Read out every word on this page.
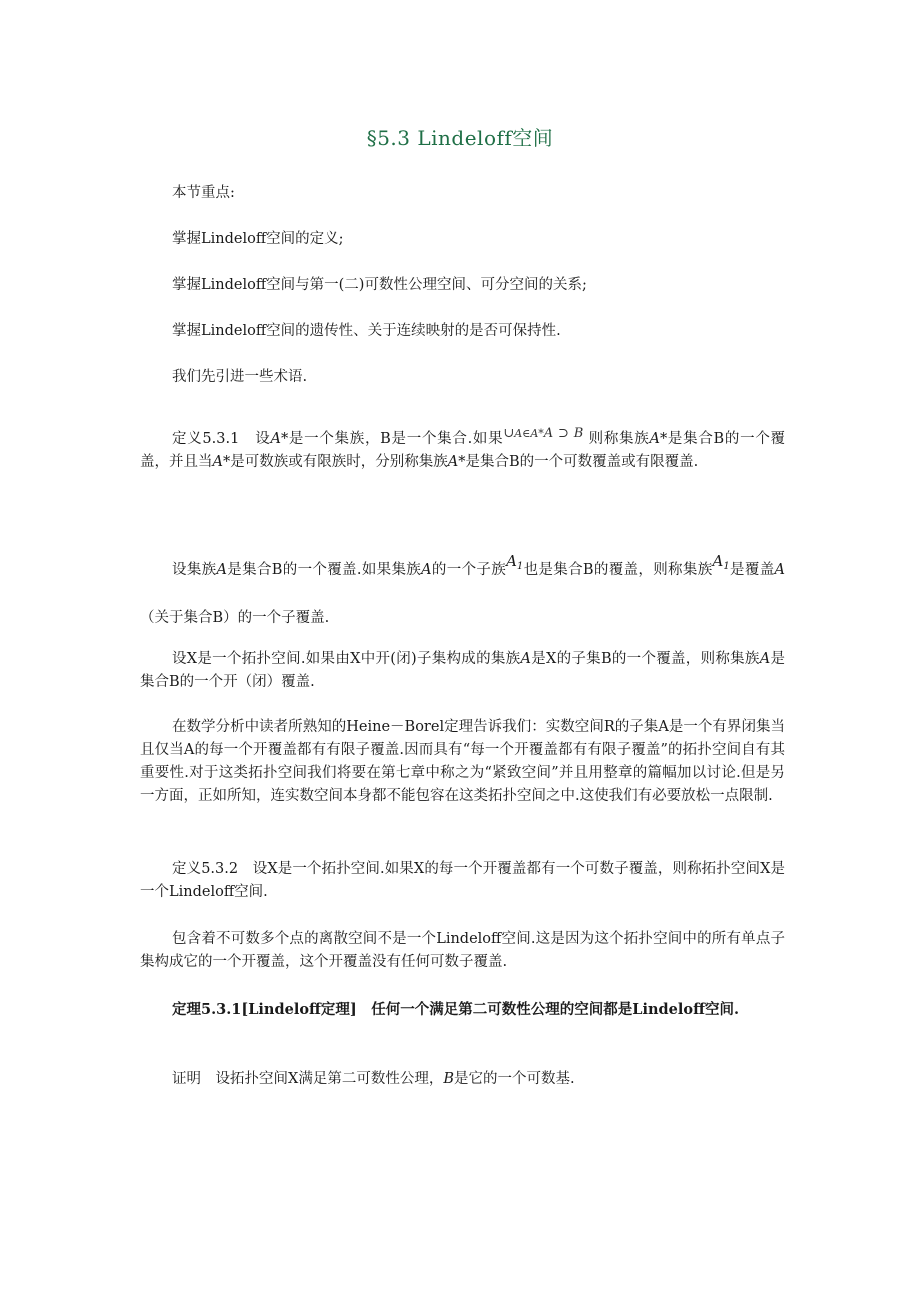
§5.3 Lindeloff空间

本节重点:

掌握Lindeloff空间的定义;

掌握Lindeloff空间与第一(二)可数性公理空间、可分空间的关系;

掌握Lindeloff空间的遗传性、关于连续映射的是否可保持性.

我们先引进一些术语.

定义5.3.1　 设A*是一个集族，B是一个集合.如果∪A∈A*A ⊃ B 则称集族A*是集合B的一个覆盖，并且当A*是可数族或有限族时，分别称集族A*是集合B的一个可数覆盖或有限覆盖.

设集族A是集合B的一个覆盖.如果集族A的一个子族$A_1$也是集合B的覆盖，则称集族$A_1$是覆盖A（关于集合B）的一个子覆盖.

设X是一个拓扑空间.如果由X中开(闭)子集构成的集族A是X的子集B的一个覆盖，则称集族A是集合B的一个开（闭）覆盖.

在数学分析中读者所熟知的Heine－Borel定理告诉我们：实数空间R的子集A是一个有界闭集当且仅当A的每一个开覆盖都有有限子覆盖.因而具有“每一个开覆盖都有有限子覆盖”的拓扑空间自有其重要性.对于这类拓扑空间我们将要在第七章中称之为“紧致空间”并且用整章的篇幅加以讨论.但是另一方面，正如所知，连实数空间本身都不能包容在这类拓扑空间之中.这使我们有必要放松一点限制.

定义5.3.2　设X是一个拓扑空间.如果X的每一个开覆盖都有一个可数子覆盖，则称拓扑空间X是一个Lindeloff空间.

包含着不可数多个点的离散空间不是一个Lindeloff空间.这是因为这个拓扑空间中的所有单点子集构成它的一个开覆盖，这个开覆盖没有任何可数子覆盖.

定理5.3.1[Lindeloff定理]　任何一个满足第二可数性公理的空间都是Lindeloff空间.

证明　设拓扑空间X满足第二可数性公理，B是它的一个可数基.
